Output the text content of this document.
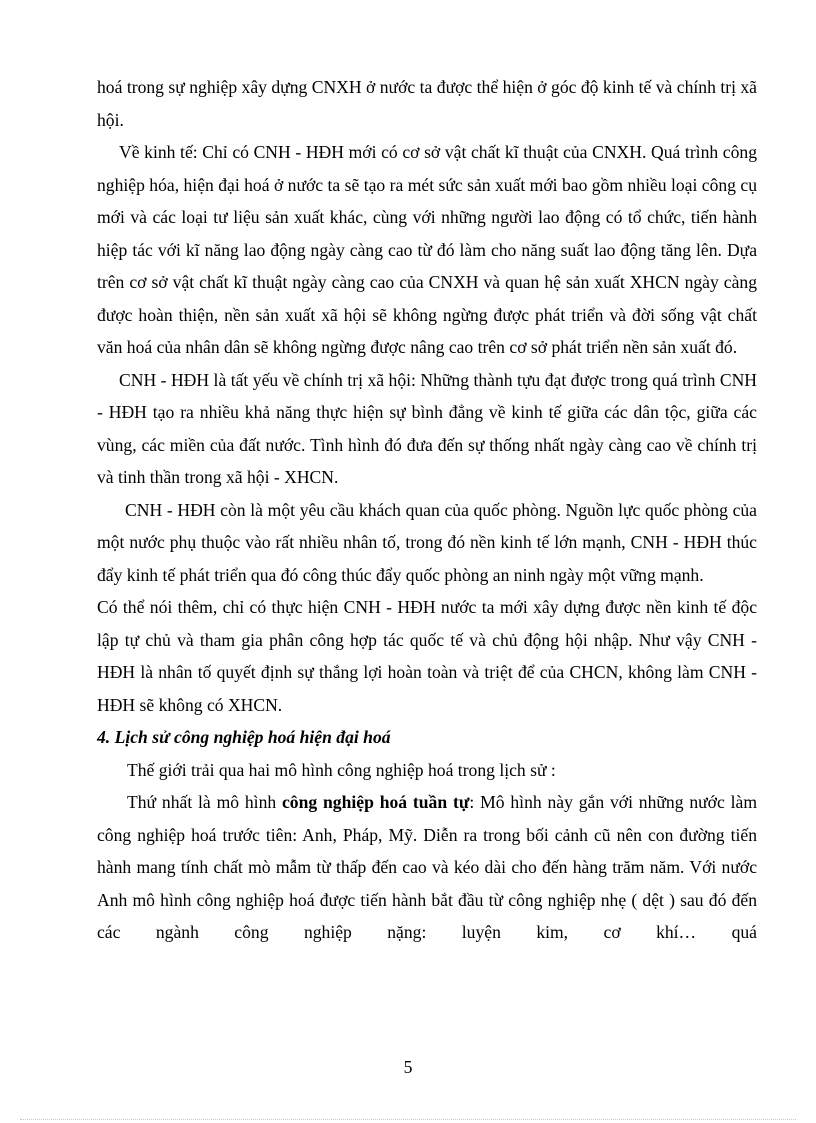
hoá trong sự nghiệp xây dựng CNXH ở nước ta được thể hiện ở góc độ kinh tế và chính trị xã hội.

Về kinh tế: Chỉ có CNH - HĐH mới có cơ sở vật chất kĩ thuật của CNXH. Quá trình công nghiệp hóa, hiện đại hoá ở nước ta sẽ tạo ra mét sức sản xuất mới bao gồm nhiều loại công cụ mới và các loại tư liệu sản xuất khác, cùng với những người lao động có tổ chức, tiến hành hiệp tác với kĩ năng lao động ngày càng cao từ đó làm cho năng suất lao động tăng lên. Dựa trên cơ sở vật chất kĩ thuật ngày càng cao của CNXH và quan hệ sản xuất XHCN ngày càng được hoàn thiện, nền sản xuất xã hội sẽ không ngừng được phát triển và đời sống vật chất văn hoá của nhân dân sẽ không ngừng được nâng cao trên cơ sở phát triển nền sản xuất đó.

CNH - HĐH là tất yếu về chính trị xã hội: Những thành tựu đạt được trong quá trình CNH - HĐH tạo ra nhiều khả năng thực hiện sự bình đẳng về kinh tế giữa các dân tộc, giữa các vùng, các miền của đất nước. Tình hình đó đưa đến sự thống nhất ngày càng cao về chính trị và tinh thần trong xã hội - XHCN.

CNH - HĐH còn là một yêu cầu khách quan của quốc phòng. Nguồn lực quốc phòng của một nước phụ thuộc vào rất nhiều nhân tố, trong đó nền kinh tế lớn mạnh, CNH - HĐH thúc đẩy kinh tế phát triển qua đó công thúc đẩy quốc phòng an ninh ngày một vững mạnh.

Có thể nói thêm, chỉ có thực hiện CNH - HĐH nước ta mới xây dựng được nền kinh tế độc lập tự chủ và tham gia phân công hợp tác quốc tế và chủ động hội nhập. Như vậy CNH - HĐH là nhân tố quyết định sự thắng lợi hoàn toàn và triệt để của CHCN, không làm CNH - HĐH sẽ không có XHCN.

4. Lịch sử công nghiệp hoá hiện đại hoá

Thế giới trải qua hai mô hình công nghiệp hoá trong lịch sử :

Thứ nhất là mô hình công nghiệp hoá tuần tự: Mô hình này gắn với những nước làm công nghiệp hoá trước tiên: Anh, Pháp, Mỹ. Diễn ra trong bối cảnh cũ nên con đường tiến hành mang tính chất mò mẫm từ thấp đến cao và kéo dài cho đến hàng trăm năm. Với nước Anh mô hình công nghiệp hoá được tiến hành bắt đầu từ công nghiệp nhẹ ( dệt ) sau đó đến các ngành công nghiệp nặng: luyện kim, cơ khí… quá

5
